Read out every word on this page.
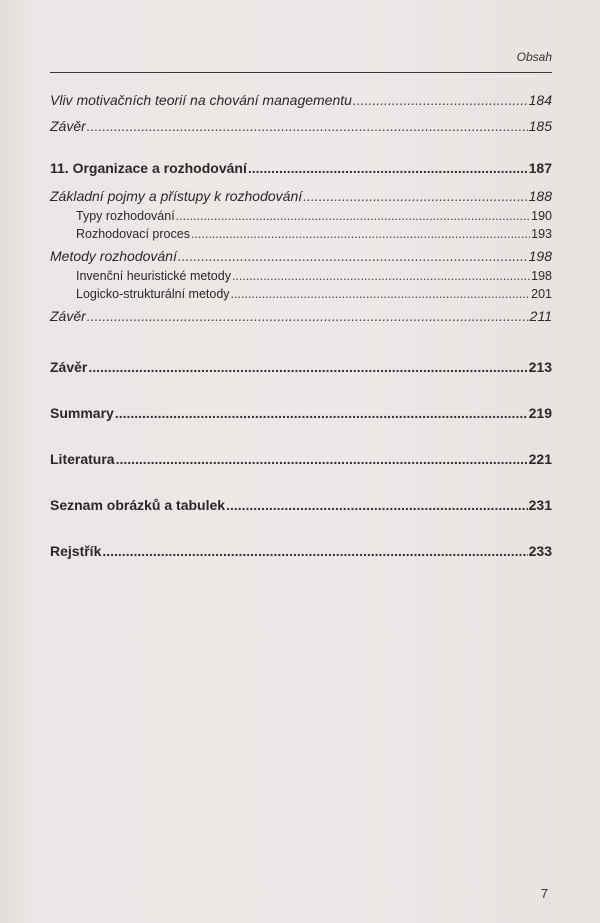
Obsah
Vliv motivačních teorií na chování managementu .....	184
Závěr .....	185
11. Organizace a rozhodování .....	187
Základní pojmy a přístupy k rozhodování .....	188
Typy rozhodování .....	190
Rozhodovací proces .....	193
Metody rozhodování .....	198
Invenční heuristické metody .....	198
Logicko-strukturální metody .....	201
Závěr .....	211
Závěr .....	213
Summary .....	219
Literatura .....	221
Seznam obrázků a tabulek .....	231
Rejstřík .....	233
7
